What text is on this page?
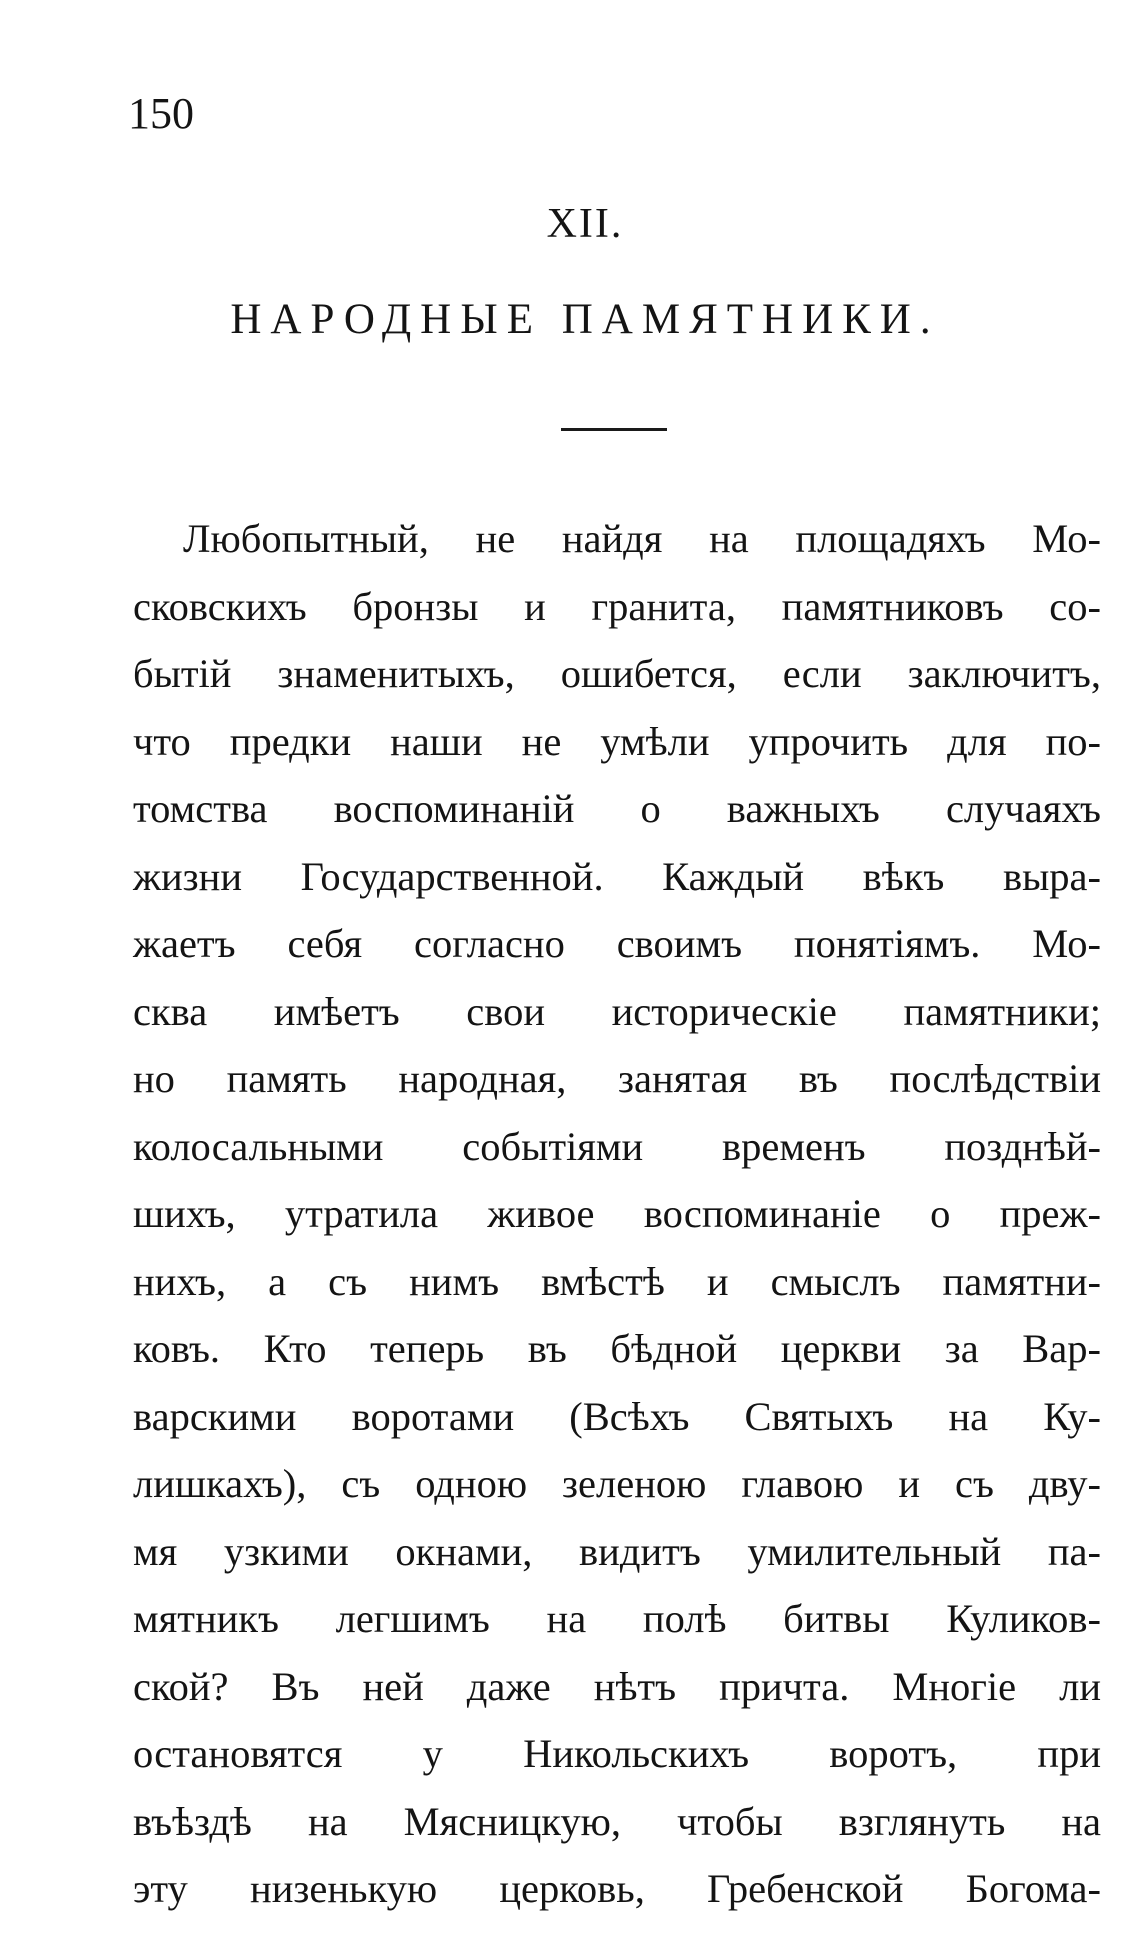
150
XII.
НАРОДНЫЕ ПАМЯТНИКИ.
Любопытный, не найдя на площадяхъ Мо-
сковскихъ бронзы и гранита, памятниковъ со-
бытій знаменитыхъ, ошибется, если заключитъ,
что предки наши не умѣли упрочить для по-
томства воспоминаній о важныхъ случаяхъ
жизни Государственной. Каждый вѣкъ выра-
жаетъ себя согласно своимъ понятіямъ. Мо-
сква имѣетъ свои историческіе памятники;
но память народная, занятая въ послѣдствіи
колосальными событіями временъ позднѣй-
шихъ, утратила живое воспоминаніе о преж-
нихъ, а съ нимъ вмѣстѣ и смыслъ памятни-
ковъ. Кто теперь въ бѣдной церкви за Вар-
варскими воротами (Всѣхъ Святыхъ на Ку-
лишкахъ), съ одною зеленою главою и съ дву-
мя узкими окнами, видитъ умилительный па-
мятникъ легшимъ на полѣ битвы Куликов-
ской? Въ ней даже нѣтъ причта. Многіе ли
остановятся у Никольскихъ воротъ, при
въѣздѣ на Мясницкую, чтобы взглянуть на
эту низенькую церковь, Гребенской Богома-
